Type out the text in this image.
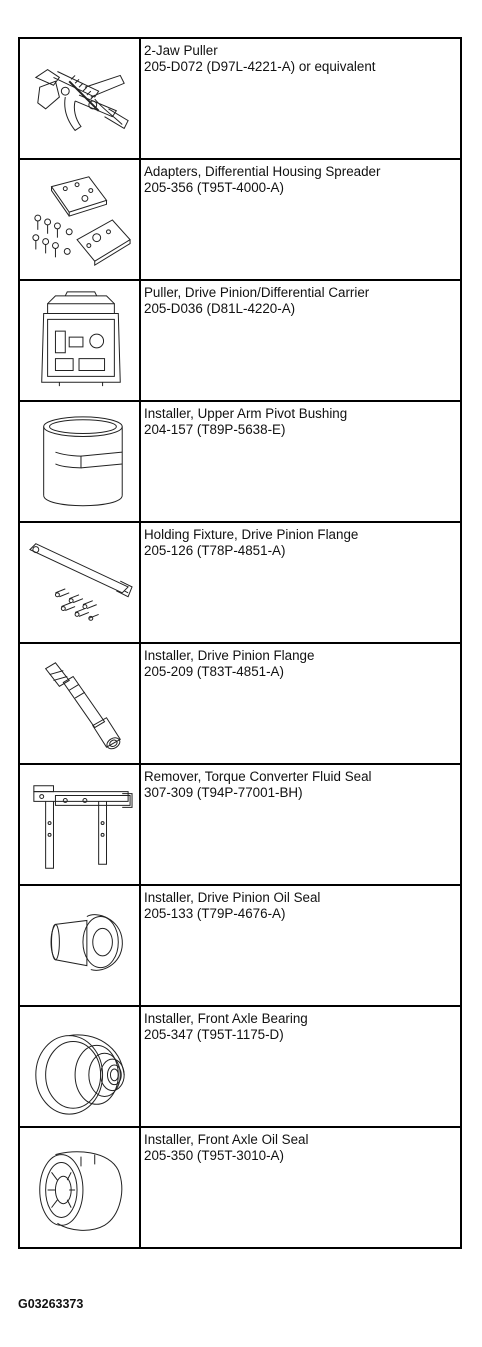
2-Jaw Puller
205-D072 (D97L-4221-A) or equivalent
Adapters, Differential Housing Spreader
205-356 (T95T-4000-A)
Puller, Drive Pinion/Differential Carrier
205-D036 (D81L-4220-A)
Installer, Upper Arm Pivot Bushing
204-157 (T89P-5638-E)
Holding Fixture, Drive Pinion Flange
205-126 (T78P-4851-A)
Installer, Drive Pinion Flange
205-209 (T83T-4851-A)
Remover, Torque Converter Fluid Seal
307-309 (T94P-77001-BH)
Installer, Drive Pinion Oil Seal
205-133 (T79P-4676-A)
Installer, Front Axle Bearing
205-347 (T95T-1175-D)
Installer, Front Axle Oil Seal
205-350 (T95T-3010-A)
G03263373
